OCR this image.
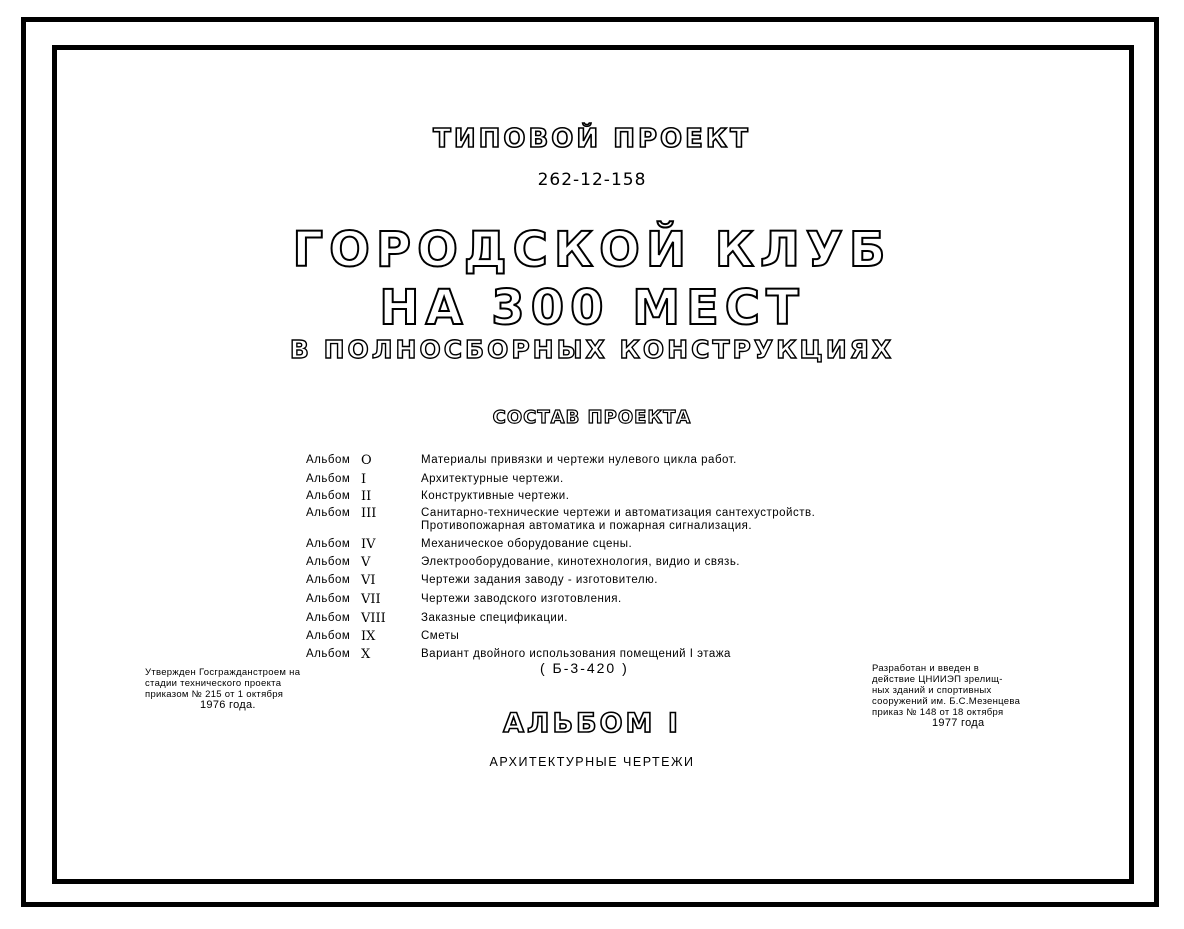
ТИПОВОЙ ПРОЕКТ
262-12-158
ГОРОДСКОЙ КЛУБ
НА 300 МЕСТ
В ПОЛНОСБОРНЫХ КОНСТРУКЦИЯХ
СОСТАВ ПРОЕКТА
Альбом О	Материалы привязки и чертежи нулевого цикла работ.
Альбом I	Архитектурные чертежи.
Альбом II	Конструктивные чертежи.
Альбом III	Санитарно-технические чертежи и автоматизация сантехустройств.
Противопожарная автоматика и пожарная сигнализация.
Альбом IV	Механическое оборудование сцены.
Альбом V	Электрооборудование, кинотехнология, видио и связь.
Альбом VI	Чертежи задания заводу - изготовителю.
Альбом VII	Чертежи заводского изготовления.
Альбом VIII	Заказные спецификации.
Альбом IX	Сметы
Альбом X	Вариант двойного использования помещений I этажа
( Б-3-420 )
Утвержден Госгражданстроем на
стадии технического проекта
приказом № 215 от 1 октября
1976 года.
Разработан и введен в
действие ЦНИИЭП зрелищ-
ных зданий и спортивных
сооружений им. Б.С.Мезенцева
приказ № 148 от 18 октября
1977 года
АЛЬБОМ I
АРХИТЕКТУРНЫЕ ЧЕРТЕЖИ
